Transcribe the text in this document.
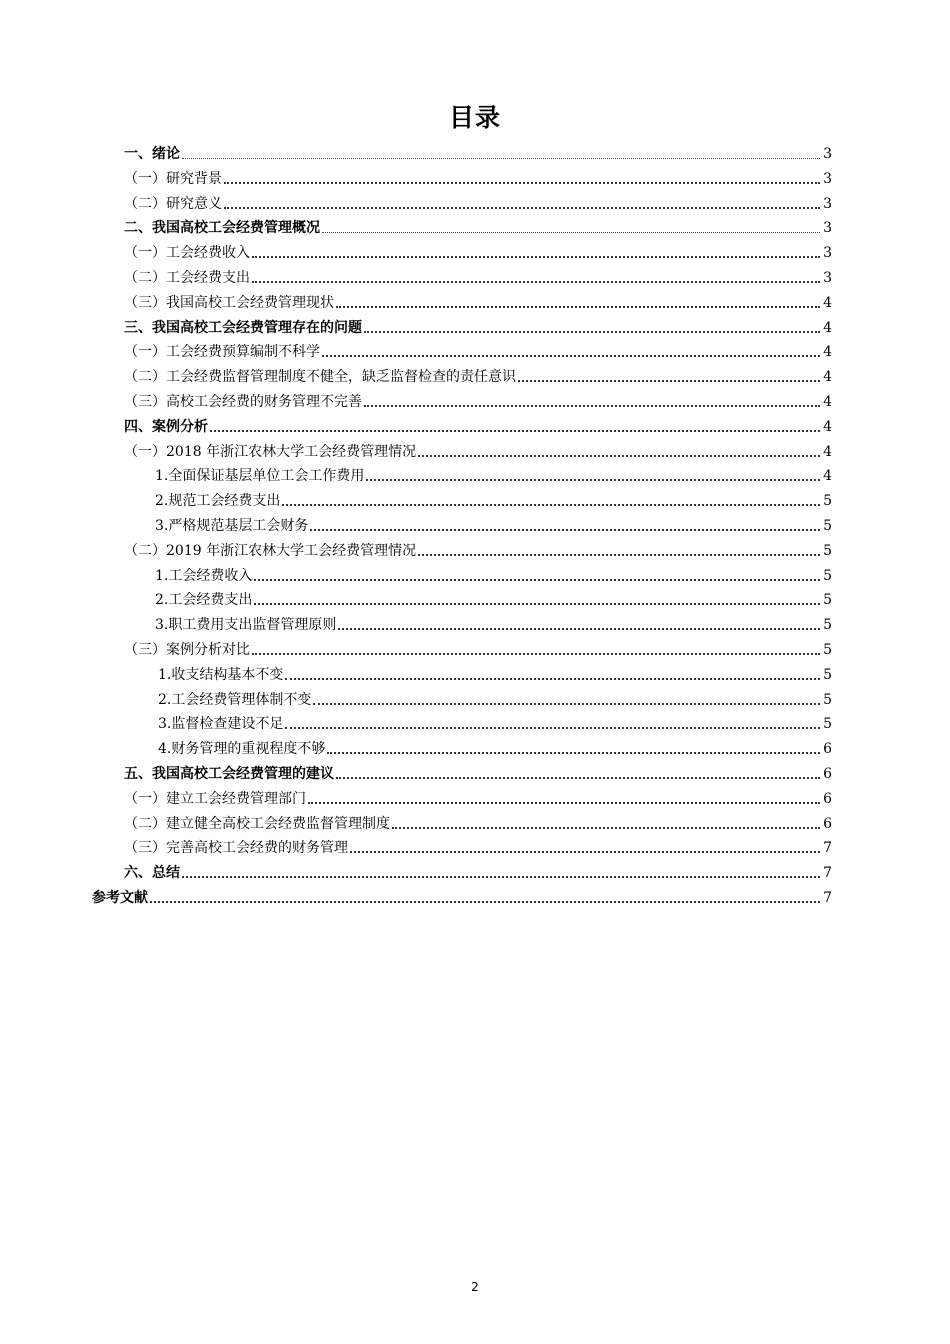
目录
一、绪论	3
（一）研究背景	3
（二）研究意义	3
二、我国高校工会经费管理概况	3
（一）工会经费收入	3
（二）工会经费支出	3
（三）我国高校工会经费管理现状	4
三、我国高校工会经费管理存在的问题	4
（一）工会经费预算编制不科学	4
（二）工会经费监督管理制度不健全，缺乏监督检查的责任意识	4
（三）高校工会经费的财务管理不完善	4
四、案例分析	4
（一）2018 年浙江农林大学工会经费管理情况	4
1.全面保证基层单位工会工作费用	4
2.规范工会经费支出	5
3.严格规范基层工会财务	5
（二）2019 年浙江农林大学工会经费管理情况	5
1.工会经费收入	5
2.工会经费支出	5
3.职工费用支出监督管理原则	5
（三）案例分析对比	5
1.收支结构基本不变	5
2.工会经费管理体制不变	5
3.监督检查建设不足	5
4.财务管理的重视程度不够	6
五、我国高校工会经费管理的建议	6
（一）建立工会经费管理部门	6
（二）建立健全高校工会经费监督管理制度	6
（三）完善高校工会经费的财务管理	7
六、总结	7
参考文献	7
2
